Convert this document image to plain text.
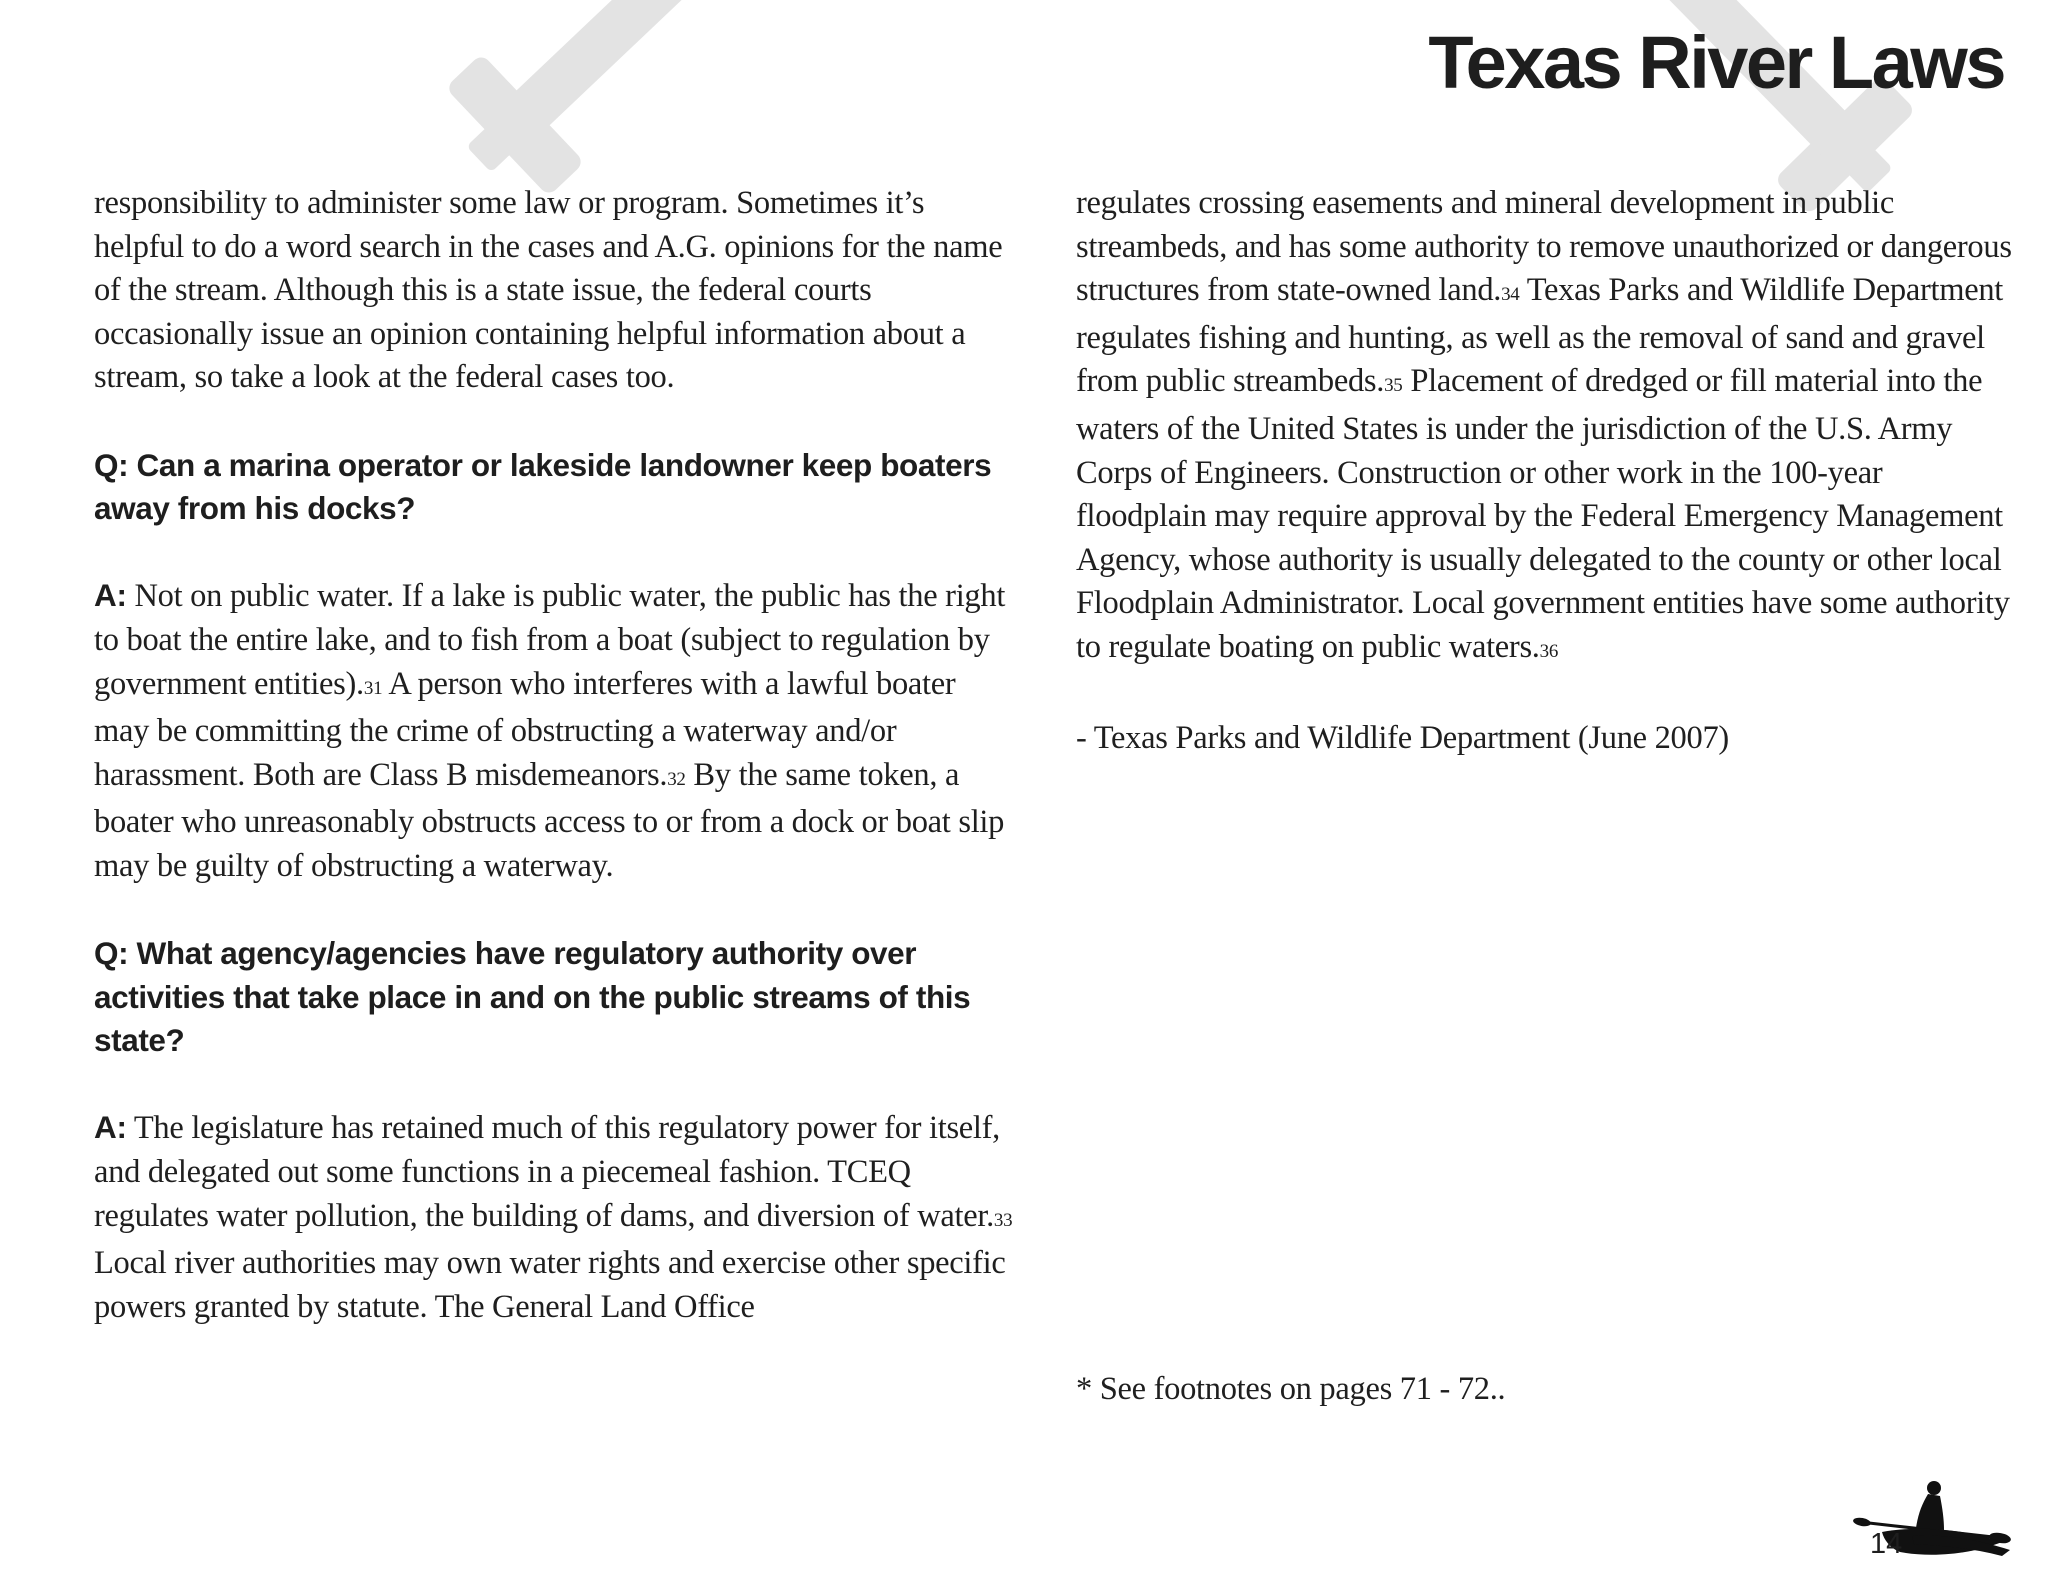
Texas River Laws

responsibility to administer some law or program. Sometimes it’s helpful to do a word search in the cases and A.G. opinions for the name of the stream. Although this is a state issue, the federal courts occasionally issue an opinion containing helpful information about a stream, so take a look at the federal cases too.

Q: Can a marina operator or lakeside landowner keep boaters away from his docks?

A: Not on public water. If a lake is public water, the public has the right to boat the entire lake, and to fish from a boat (subject to regulation by government entities).31 A person who interferes with a lawful boater may be committing the crime of obstructing a waterway and/or harassment. Both are Class B misdemeanors.32 By the same token, a boater who unreasonably obstructs access to or from a dock or boat slip may be guilty of obstructing a waterway.

Q: What agency/agencies have regulatory authority over activities that take place in and on the public streams of this state?

A: The legislature has retained much of this regulatory power for itself, and delegated out some functions in a piecemeal fashion. TCEQ regulates water pollution, the building of dams, and diversion of water.33 Local river authorities may own water rights and exercise other specific powers granted by statute. The General Land Office

regulates crossing easements and mineral development in public streambeds, and has some authority to remove unauthorized or dangerous structures from state-owned land.34 Texas Parks and Wildlife Department regulates fishing and hunting, as well as the removal of sand and gravel from public streambeds.35 Placement of dredged or fill material into the waters of the United States is under the jurisdiction of the U.S. Army Corps of Engineers. Construction or other work in the 100-year floodplain may require approval by the Federal Emergency Management Agency, whose authority is usually delegated to the county or other local Floodplain Administrator. Local government entities have some authority to regulate boating on public waters.36

- Texas Parks and Wildlife Department (June 2007)

* See footnotes on pages 71 - 72..
14
